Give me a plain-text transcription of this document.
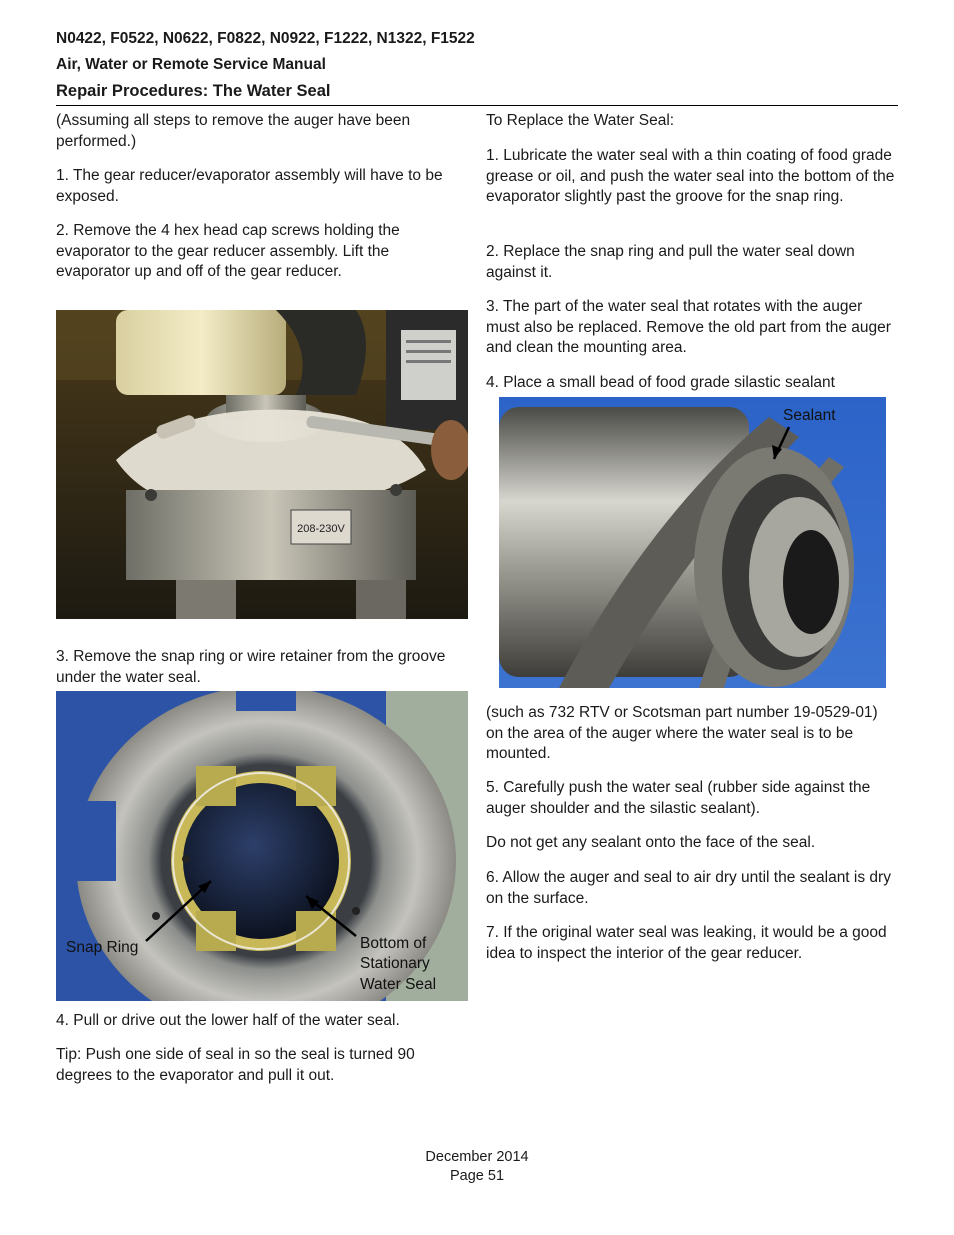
N0422, F0522, N0622, F0822, N0922, F1222, N1322, F1522
Air, Water or Remote Service Manual
Repair Procedures: The Water Seal

(Assuming all steps to remove the auger have been performed.)

1. The gear reducer/evaporator assembly will have to be exposed.

2. Remove the 4 hex head cap screws holding the evaporator to the gear reducer assembly. Lift the evaporator up and off of the gear reducer.

208-230V

3. Remove the snap ring or wire retainer from the groove under the water seal.

Snap Ring	Bottom of
Stationary
Water Seal

4. Pull or drive out the lower half of the water seal.

Tip: Push one side of seal in so the seal is turned 90 degrees to the evaporator and pull it out.

To Replace the Water Seal:

1. Lubricate the water seal with a thin coating of food grade grease or oil, and push the water seal into the bottom of the evaporator slightly past the groove for the snap ring.

2. Replace the snap ring and pull the water seal down against it.

3. The part of the water seal that rotates with the auger must also be replaced. Remove the old part from the auger and clean the mounting area.

4. Place a small bead of food grade silastic sealant

Sealant

(such as 732 RTV or Scotsman part number 19-0529-01) on the area of the auger where the water seal is to be mounted.

5. Carefully push the water seal (rubber side against the auger shoulder and the silastic sealant).

Do not get any sealant onto the face of the seal.

6. Allow the auger and seal to air dry until the sealant is dry on the surface.

7. If the original water seal was leaking, it would be a good idea to inspect the interior of the gear reducer.

December 2014
Page 51
